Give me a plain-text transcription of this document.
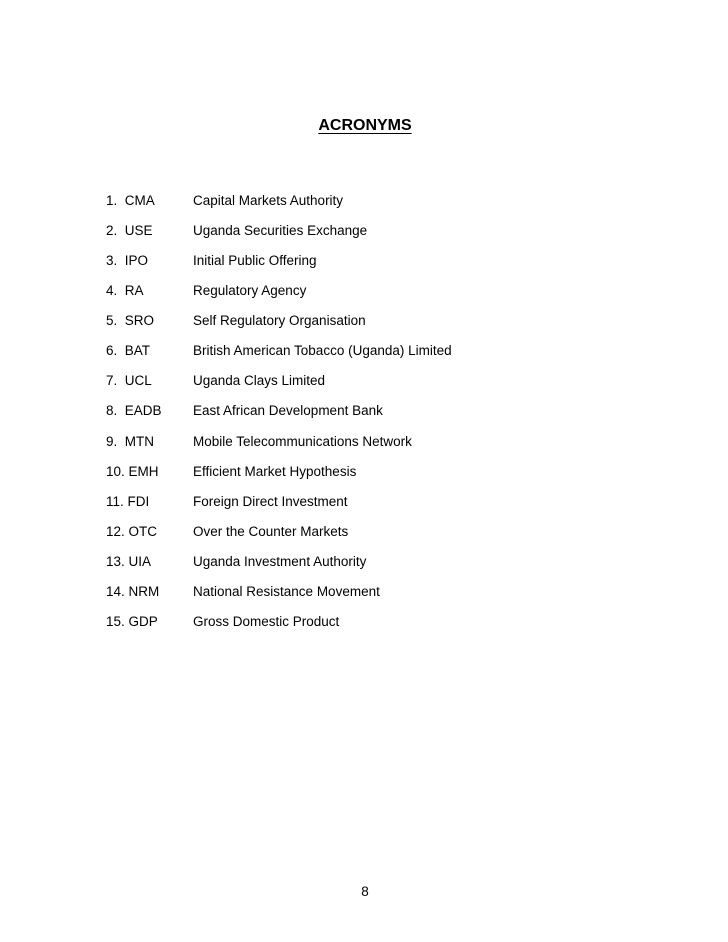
ACRONYMS
1.  CMA	Capital Markets Authority
2.  USE	Uganda Securities Exchange
3.  IPO	Initial Public Offering
4.  RA	Regulatory Agency
5.  SRO	Self Regulatory Organisation
6.  BAT	British American Tobacco (Uganda) Limited
7.  UCL	Uganda Clays Limited
8.  EADB East African Development Bank
9.  MTN	Mobile Telecommunications Network
10. EMH	Efficient Market Hypothesis
11. FDI	Foreign Direct Investment
12. OTC	Over the Counter Markets
13. UIA	Uganda Investment Authority
14. NRM National Resistance Movement
15. GDP	Gross Domestic Product
8
